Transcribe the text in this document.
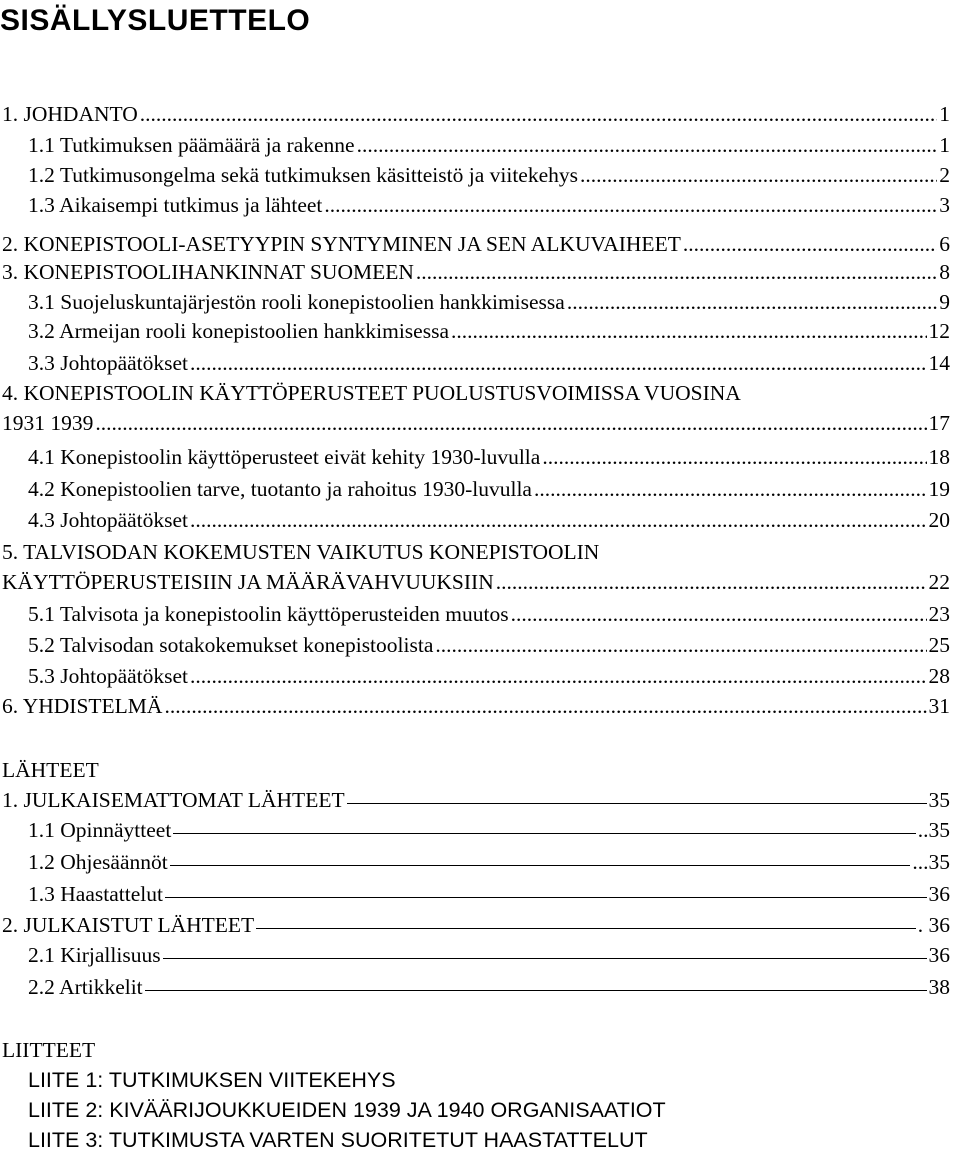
SISÄLLYSLUETTELO
1. JOHDANTO .....	1
1.1 Tutkimuksen päämäärä ja rakenne .....	1
1.2 Tutkimusongelma sekä tutkimuksen käsitteistö ja viitekehys .....	2
1.3 Aikaisempi tutkimus ja lähteet .....	3
2. KONEPISTOOLI-ASETYYPIN SYNTYMINEN JA SEN ALKUVAIHEET .....	6
3. KONEPISTOOLIHANKINNAT SUOMEEN .....	8
3.1 Suojeluskuntajärjestön rooli konepistoolien hankkimisessa .....	9
3.2 Armeijan rooli konepistoolien hankkimisessa .....	12
3.3 Johtopäätökset .....	14
4. KONEPISTOOLIN KÄYTTÖPERUSTEET PUOLUSTUSVOIMISSA VUOSINA
1931 1939 .....	17
4.1 Konepistoolin käyttöperusteet eivät kehity 1930-luvulla .....	18
4.2 Konepistoolien tarve, tuotanto ja rahoitus 1930-luvulla .....	19
4.3 Johtopäätökset .....	20
5. TALVISODAN KOKEMUSTEN VAIKUTUS KONEPISTOOLIN
KÄYTTÖPERUSTEISIIN JA MÄÄRÄVAHVUUKSIIN .....	22
5.1 Talvisota ja konepistoolin käyttöperusteiden muutos .....	23
5.2 Talvisodan sotakokemukset konepistoolista .....	25
5.3 Johtopäätökset .....	28
6. YHDISTELMÄ .....	31
LÄHTEET
1. JULKAISEMATTOMAT LÄHTEET	35
1.1 Opinnäytteet	..35
1.2 Ohjesäännöt	...35
1.3 Haastattelut	36
2. JULKAISTUT LÄHTEET	. 36
2.1 Kirjallisuus	36
2.2 Artikkelit	38
LIITTEET
LIITE 1: TUTKIMUKSEN VIITEKEHYS
LIITE 2: KIVÄÄRIJOUKKUEIDEN 1939 JA 1940 ORGANISAATIOT
LIITE 3: TUTKIMUSTA VARTEN SUORITETUT HAASTATTELUT
